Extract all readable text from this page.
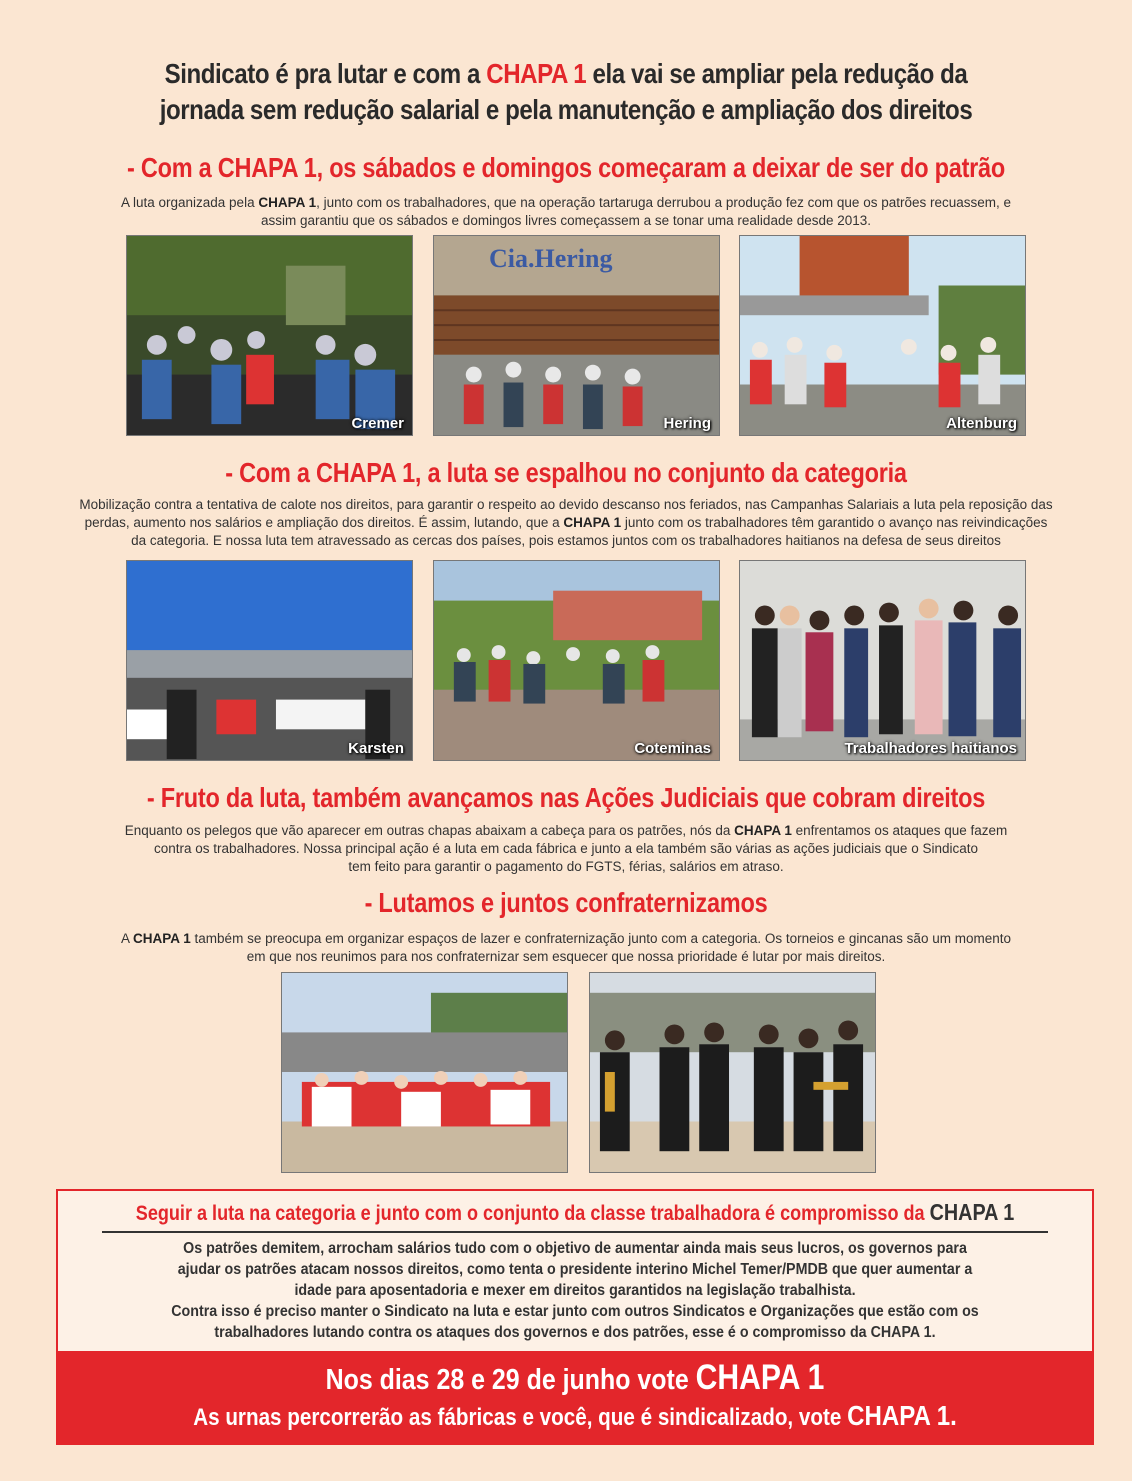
Sindicato é pra lutar e com a CHAPA 1 ela vai se ampliar pela redução da
jornada sem redução salarial e pela manutenção e ampliação dos direitos
- Com a CHAPA 1, os sábados e domingos começaram a deixar de ser do patrão
A luta organizada pela CHAPA 1, junto com os trabalhadores, que na operação tartaruga derrubou a produção fez com que os patrões recuassem, e
assim garantiu que os sábados e domingos livres começassem a se tonar uma realidade desde 2013.
Cremer
Cia.Hering
Hering	Altenburg
- Com a CHAPA 1, a luta se espalhou no conjunto da categoria
Mobilização contra a tentativa de calote nos direitos, para garantir o respeito ao devido descanso nos feriados, nas Campanhas Salariais a luta pela reposição das
perdas, aumento nos salários e ampliação dos direitos. É assim, lutando, que a CHAPA 1 junto com os trabalhadores têm garantido o avanço nas reivindicações
da categoria. E nossa luta tem atravessado as cercas dos países, pois estamos juntos com os trabalhadores haitianos na defesa de seus direitos
Karsten	Coteminas	Trabalhadores haitianos
- Fruto da luta, também avançamos nas Ações Judiciais que cobram direitos
Enquanto os pelegos que vão aparecer em outras chapas abaixam a cabeça para os patrões, nós da CHAPA 1 enfrentamos os ataques que fazem
contra os trabalhadores. Nossa principal ação é a luta em cada fábrica e junto a ela também são várias as ações judiciais que o Sindicato
tem feito para garantir o pagamento do FGTS, férias, salários em atraso.
- Lutamos e juntos confraternizamos
A CHAPA 1 também se preocupa em organizar espaços de lazer e confraternização junto com a categoria. Os torneios e gincanas são um momento
em que nos reunimos para nos confraternizar sem esquecer que nossa prioridade é lutar por mais direitos.
Seguir a luta na categoria e junto com o conjunto da classe trabalhadora é compromisso da CHAPA 1
Os patrões demitem, arrocham salários tudo com o objetivo de aumentar ainda mais seus lucros, os governos para
ajudar os patrões atacam nossos direitos, como tenta o presidente interino Michel Temer/PMDB que quer aumentar a
idade para aposentadoria e mexer em direitos garantidos na legislação trabalhista.
Contra isso é preciso manter o Sindicato na luta e estar junto com outros Sindicatos e Organizações que estão com os
trabalhadores lutando contra os ataques dos governos e dos patrões, esse é o compromisso da CHAPA 1.
Nos dias 28 e 29 de junho vote CHAPA 1
As urnas percorrerão as fábricas e você, que é sindicalizado, vote CHAPA 1.
